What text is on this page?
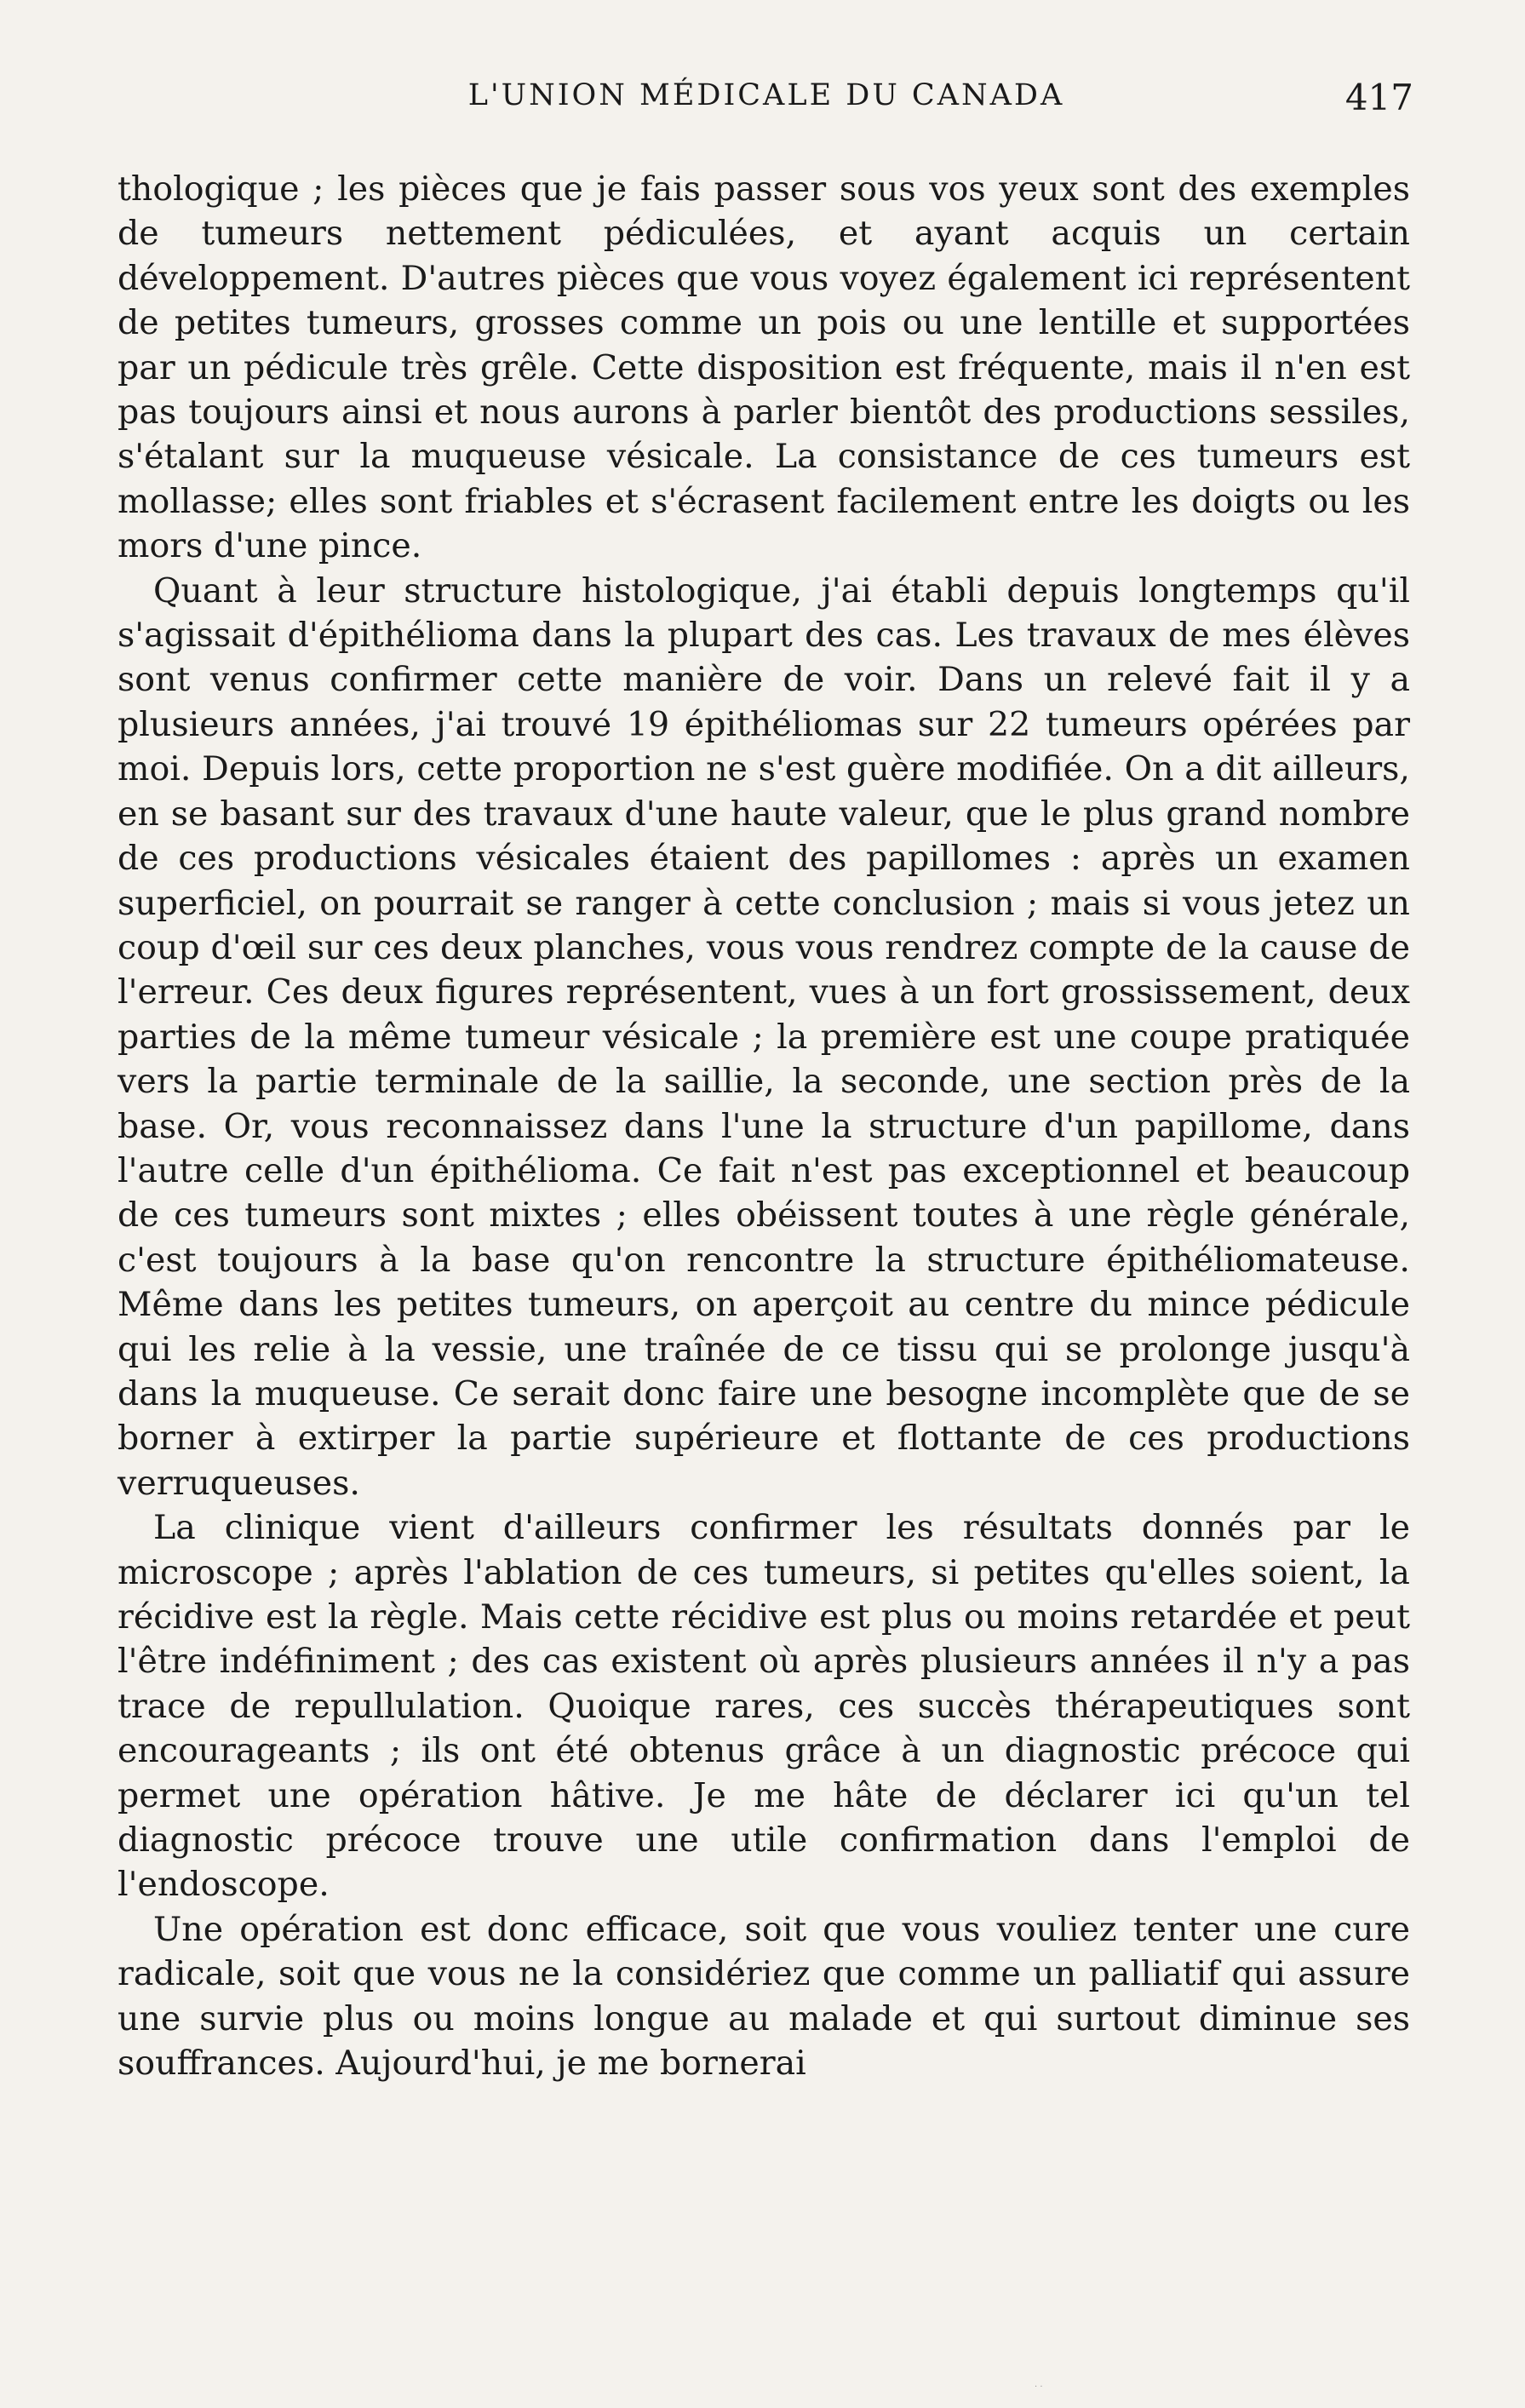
L'UNION MÉDICALE DU CANADA	417

thologique ; les pièces que je fais passer sous vos yeux sont des exemples de tumeurs nettement pédiculées, et ayant acquis un certain développement. D'autres pièces que vous voyez également ici représentent de petites tumeurs, grosses comme un pois ou une lentille et supportées par un pédicule très grêle. Cette disposition est fréquente, mais il n'en est pas toujours ainsi et nous aurons à parler bientôt des productions sessiles, s'étalant sur la muqueuse vésicale. La consistance de ces tumeurs est mollasse; elles sont friables et s'écrasent facilement entre les doigts ou les mors d'une pince.

Quant à leur structure histologique, j'ai établi depuis longtemps qu'il s'agissait d'épithélioma dans la plupart des cas. Les travaux de mes élèves sont venus confirmer cette manière de voir. Dans un relevé fait il y a plusieurs années, j'ai trouvé 19 épithéliomas sur 22 tumeurs opérées par moi. Depuis lors, cette proportion ne s'est guère modifiée. On a dit ailleurs, en se basant sur des travaux d'une haute valeur, que le plus grand nombre de ces productions vésicales étaient des papillomes : après un examen superficiel, on pourrait se ranger à cette conclusion ; mais si vous jetez un coup d'œil sur ces deux planches, vous vous rendrez compte de la cause de l'erreur. Ces deux figures représentent, vues à un fort grossissement, deux parties de la même tumeur vésicale ; la première est une coupe pratiquée vers la partie terminale de la saillie, la seconde, une section près de la base. Or, vous reconnaissez dans l'une la structure d'un papillome, dans l'autre celle d'un épithélioma. Ce fait n'est pas exceptionnel et beaucoup de ces tumeurs sont mixtes ; elles obéissent toutes à une règle générale, c'est toujours à la base qu'on rencontre la structure épithéliomateuse. Même dans les petites tumeurs, on aperçoit au centre du mince pédicule qui les relie à la vessie, une traînée de ce tissu qui se prolonge jusqu'à dans la muqueuse. Ce serait donc faire une besogne incomplète que de se borner à extirper la partie supérieure et flottante de ces productions verruqueuses.

La clinique vient d'ailleurs confirmer les résultats donnés par le microscope ; après l'ablation de ces tumeurs, si petites qu'elles soient, la récidive est la règle. Mais cette récidive est plus ou moins retardée et peut l'être indéfiniment ; des cas existent où après plusieurs années il n'y a pas trace de repullulation. Quoique rares, ces succès thérapeutiques sont encourageants ; ils ont été obtenus grâce à un diagnostic précoce qui permet une opération hâtive. Je me hâte de déclarer ici qu'un tel diagnostic précoce trouve une utile confirmation dans l'emploi de l'endoscope.

Une opération est donc efficace, soit que vous vouliez tenter une cure radicale, soit que vous ne la considériez que comme un palliatif qui assure une survie plus ou moins longue au malade et qui surtout diminue ses souffrances. Aujourd'hui, je me bornerai

· ·
